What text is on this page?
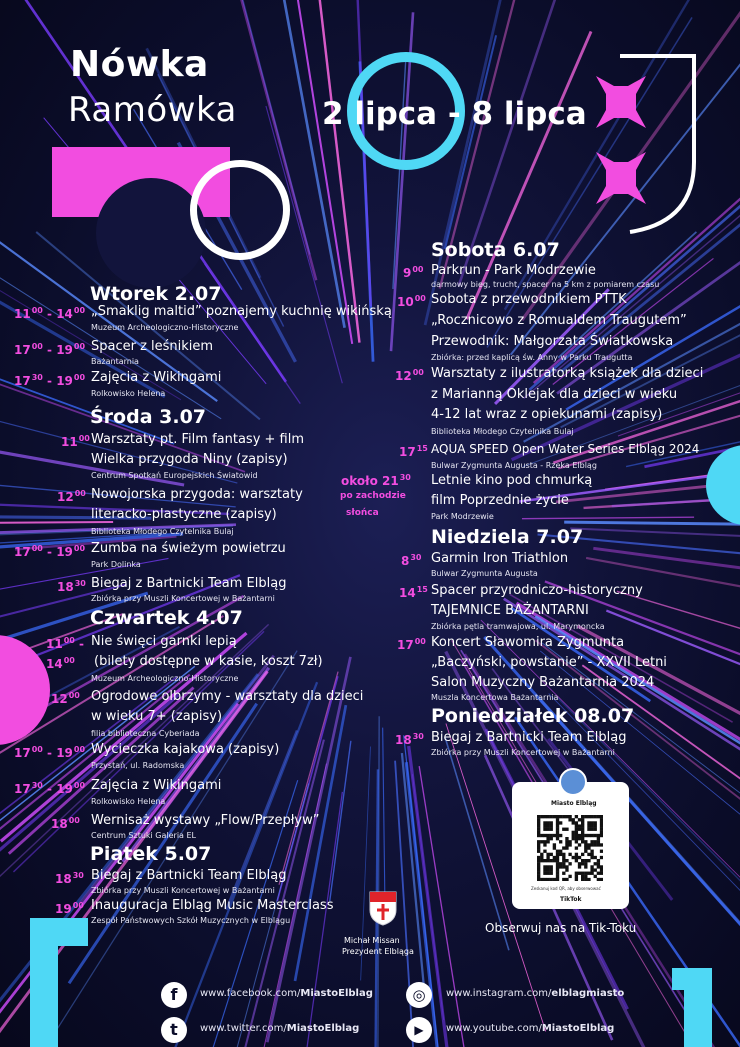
Nówka
Ramówka	2 lipca - 8 lipca
Wtorek 2.07
$11^{00} - 14^{00}$ „Smaklig maltid” poznajemy kuchnię wikińską
Muzeum Archeologiczno-Historyczne
$17^{00} - 19^{00}$ Spacer z leśnikiem
Bażantarnia
$17^{30} - 19^{00}$ Zajęcia z Wikingami
Rolkowisko Helena
Środa 3.07
$11^{00}$ Warsztaty pt. Film fantasy + film
Wielka przygoda Niny (zapisy)
Centrum Spotkań Europejskich Światowid
$12^{00}$ Nowojorska przygoda: warsztaty
literacko-plastyczne (zapisy)
Biblioteka Młodego Czytelnika Bulaj
$17^{00} - 19^{00}$ Zumba na świeżym powietrzu
Park Dolinka
$18^{30}$ Biegaj z Bartnicki Team Elbląg
Zbiórka przy Muszli Koncertowej w Bażantarni
Czwartek 4.07
$11^{00}$ -
$14^{00}$
Nie święci garnki lepią
(bilety dostępne w kasie, koszt 7zł)
Muzeum Archeologiczno-Historyczne
$12^{00}$ Ogrodowe olbrzymy - warsztaty dla dzieci
w wieku 7+ (zapisy)
filia biblioteczna Cyberiada
$17^{00} - 19^{00}$ Wycieczka kajakowa (zapisy)
Przystań, ul. Radomska
$17^{30} - 19^{00}$ Zajęcia z Wikingami
Rolkowisko Helena
$18^{00}$ Wernisaż wystawy „Flow/Przepływ”
Centrum Sztuki Galeria EL
Piątek 5.07
$18^{30}$ Biegaj z Bartnicki Team Elbląg
Zbiórka przy Muszli Koncertowej w Bażantarni
$19^{00}$ Inauguracja Elbląg Music Masterclass
Zespół Państwowych Szkół Muzycznych w Elblągu
Michał Missan
Prezydent Elbląga
Sobota 6.07
$9^{00}$ Parkrun - Park Modrzewie
darmowy bieg, trucht, spacer na 5 km z pomiarem czasu
$10^{00}$ Sobota z przewodnikiem PTTK
„Rocznicowo z Romualdem Traugutem”
Przewodnik: Małgorzata Światkowska
Zbiórka: przed kaplicą św. Anny w Parku Traugutta
$12^{00}$ Warsztaty z ilustratorką książek dla dzieci
z Marianną Oklejak dla dzieci w wieku
4-12 lat wraz z opiekunami (zapisy)
Biblioteka Młodego Czytelnika Bulaj
$17^{15}$ AQUA SPEED Open Water Series Elbląg 2024
Bulwar Zygmunta Augusta - Rzeka Elbląg
około $21^{30}$
po zachodzie
słońca
Letnie kino pod chmurką
film Poprzednie życie
Park Modrzewie
Niedziela 7.07
$8^{30}$ Garmin Iron Triathlon
Bulwar Zygmunta Augusta
$14^{15}$ Spacer przyrodniczo-historyczny
TAJEMNICE BAŻANTARNI
Zbiórka pętla tramwajowa, ul. Marymoncka
$17^{00}$ Koncert Sławomira Zygmunta
„Baczyński, powstanie” - XXVII Letni
Salon Muzyczny Bażantarnia 2024
Muszla Koncertowa Bażantarnia
Poniedziałek 08.07
$18^{30}$ Biegaj z Bartnicki Team Elbląg
Zbiórka przy Muszli Koncertowej w Bażantarni
Miasto Elbląg
Zeskanuj kod QR, aby obserwować
TikTok
Obserwuj nas na Tik-Toku
f	www.facebook.com/MiastoElblag	◎	www.instagram.com/elblagmiasto
t	www.twitter.com/MiastoElblag	▶	www.youtube.com/MiastoElblag
